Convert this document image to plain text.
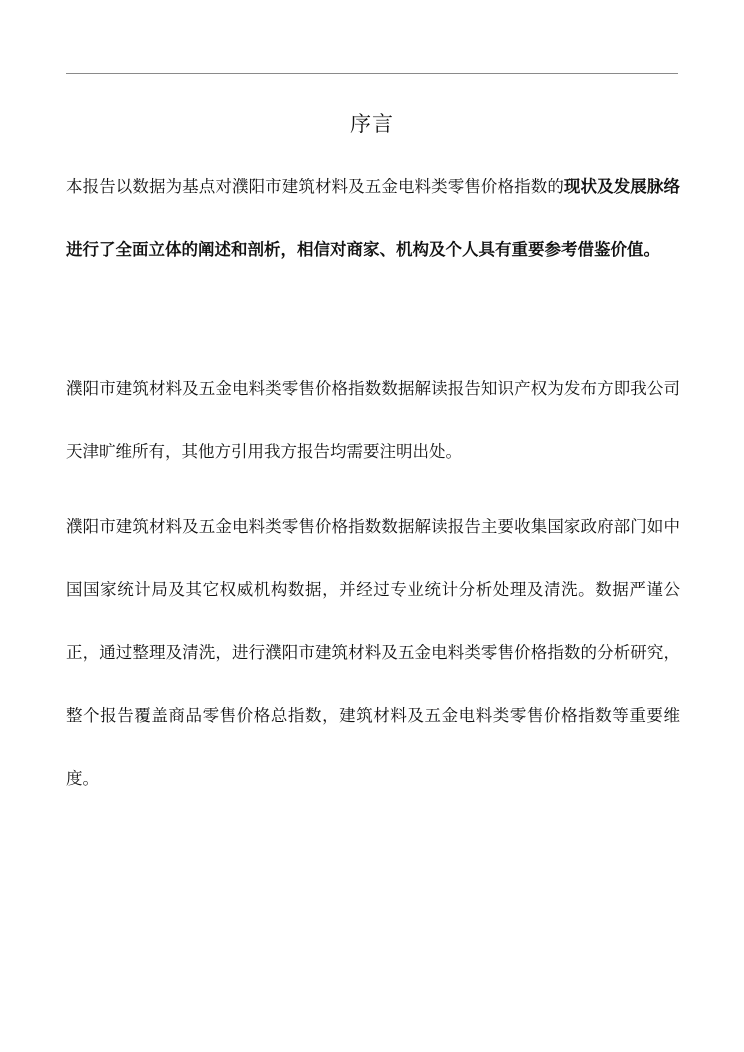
序言

本报告以数据为基点对濮阳市建筑材料及五金电料类零售价格指数的现状及发展脉络进行了全面立体的阐述和剖析，相信对商家、机构及个人具有重要参考借鉴价值。

濮阳市建筑材料及五金电料类零售价格指数数据解读报告知识产权为发布方即我公司天津旷维所有，其他方引用我方报告均需要注明出处。

濮阳市建筑材料及五金电料类零售价格指数数据解读报告主要收集国家政府部门如中国国家统计局及其它权威机构数据，并经过专业统计分析处理及清洗。数据严谨公正，通过整理及清洗，进行濮阳市建筑材料及五金电料类零售价格指数的分析研究，整个报告覆盖商品零售价格总指数，建筑材料及五金电料类零售价格指数等重要维度。
